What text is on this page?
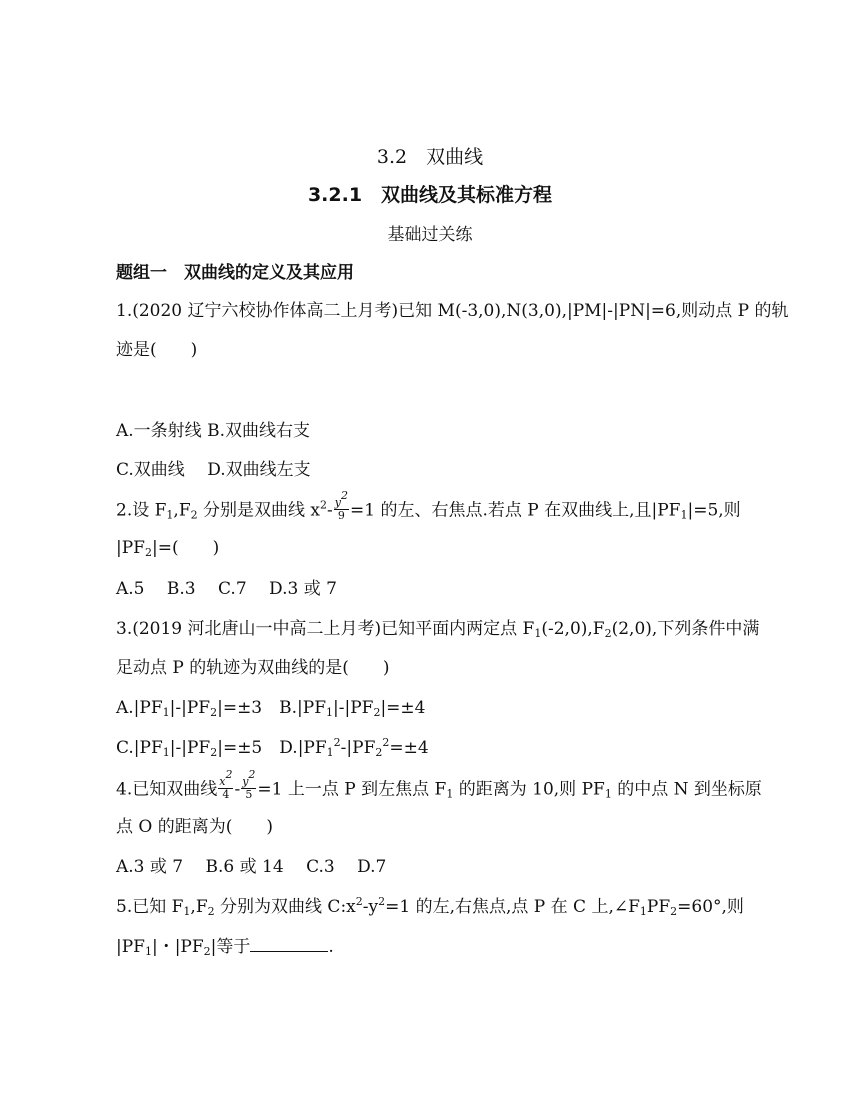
3.2　双曲线
3.2.1　双曲线及其标准方程
基础过关练
题组一　双曲线的定义及其应用
1.(2020 辽宁六校协作体高二上月考)已知 M(-3,0),N(3,0),|PM|-|PN|=6,则动点 P 的轨
迹是( )
A.一条射线 B.双曲线右支
C.双曲线　 D.双曲线左支
2.设 $F_1,F_2$ 分别是双曲线 $x^2- \frac{y^2}{9} =1$ 的左、右焦点.若点 P 在双曲线上,且$|PF_1|=5$,则
$|PF_2|=$( )
A.5　 B.3　 C.7　 D.3 或 7
3.(2019 河北唐山一中高二上月考)已知平面内两定点 $F_1(-2,0),F_2(2,0)$,下列条件中满
足动点 P 的轨迹为双曲线的是( )
$A.|PF_1|-|PF_2|=\pm 3$　$B.|PF_1|-|PF_2|=\pm 4$
$C.|PF_1|-|PF_2|=\pm 5$　$D.|PF_1^2-|PF_2^2=\pm 4$
4.已知双曲线 $\frac{x^2}{4} - \frac{y^2}{5} =1$ 上一点 P 到左焦点 $F_1$ 的距离为 10,则 $PF_1$ 的中点 N 到坐标原
点 O 的距离为( )
A.3 或 7　 B.6 或 14　 C.3　 D.7
5.已知 $F_1,F_2$ 分别为双曲线 $C:x^2-y^2=1$ 的左,右焦点,点 P 在 C 上$,\angle F_1PF_2=60^\circ$,则
$|PF_1|$・$|PF_2|$等于	.
